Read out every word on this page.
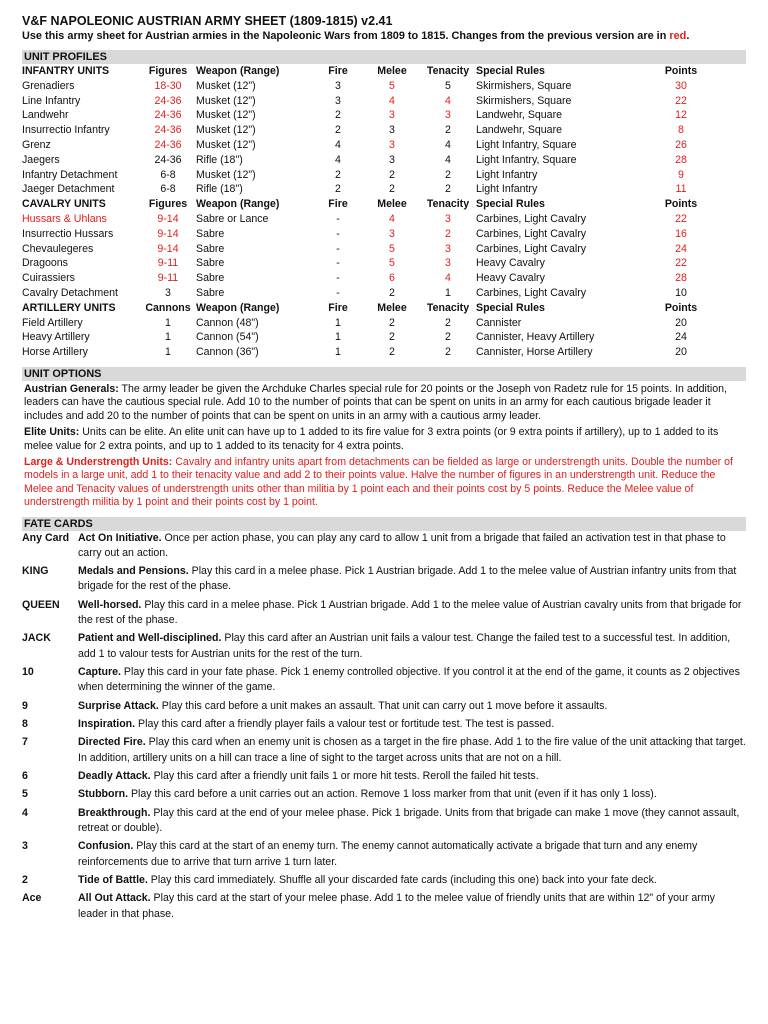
V&F NAPOLEONIC AUSTRIAN ARMY SHEET (1809-1815) v2.41
Use this army sheet for Austrian armies in the Napoleonic Wars from 1809 to 1815. Changes from the previous version are in red.
UNIT PROFILES
INFANTRY UNITS	Figures	Weapon (Range)	Fire	Melee	Tenacity	Special Rules	Points
Grenadiers	18-30	Musket (12")	3	5	5	Skirmishers, Square	30
Line Infantry	24-36	Musket (12")	3	4	4	Skirmishers, Square	22
Landwehr	24-36	Musket (12")	2	3	3	Landwehr, Square	12
Insurrectio Infantry	24-36	Musket (12")	2	3	2	Landwehr, Square	8
Grenz	24-36	Musket (12")	4	3	4	Light Infantry, Square	26
Jaegers	24-36	Rifle (18")	4	3	4	Light Infantry, Square	28
Infantry Detachment	6-8	Musket (12")	2	2	2	Light Infantry	9
Jaeger Detachment	6-8	Rifle (18")	2	2	2	Light Infantry	11
CAVALRY UNITS	Figures	Weapon (Range)	Fire	Melee	Tenacity	Special Rules	Points
Hussars & Uhlans	9-14	Sabre or Lance	-	4	3	Carbines, Light Cavalry	22
Insurrectio Hussars	9-14	Sabre	-	3	2	Carbines, Light Cavalry	16
Chevaulegeres	9-14	Sabre	-	5	3	Carbines, Light Cavalry	24
Dragoons	9-11	Sabre	-	5	3	Heavy Cavalry	22
Cuirassiers	9-11	Sabre	-	6	4	Heavy Cavalry	28
Cavalry Detachment	3	Sabre	-	2	1	Carbines, Light Cavalry	10
ARTILLERY UNITS	Cannons	Weapon (Range)	Fire	Melee	Tenacity	Special Rules	Points
Field Artillery	1	Cannon (48")	1	2	2	Cannister	20
Heavy Artillery	1	Cannon (54")	1	2	2	Cannister, Heavy Artillery	24
Horse Artillery	1	Cannon (36")	1	2	2	Cannister, Horse Artillery	20
UNIT OPTIONS
Austrian Generals: The army leader be given the Archduke Charles special rule for 20 points or the Joseph von Radetz rule for 15 points. In addition, leaders can have the cautious special rule. Add 10 to the number of points that can be spent on units in an army for each cautious brigade leader it includes and add 20 to the number of points that can be spent on units in an army with a cautious army leader.
Elite Units: Units can be elite. An elite unit can have up to 1 added to its fire value for 3 extra points (or 9 extra points if artillery), up to 1 added to its melee value for 2 extra points, and up to 1 added to its tenacity for 4 extra points.
Large & Understrength Units: Cavalry and infantry units apart from detachments can be fielded as large or understrength units. Double the number of models in a large unit, add 1 to their tenacity value and add 2 to their points value. Halve the number of figures in an understrength unit. Reduce the Melee and Tenacity values of understrength units other than militia by 1 point each and their points cost by 5 points. Reduce the Melee value of understrength militia by 1 point and their points cost by 1 point.
FATE CARDS
Any Card	Act On Initiative. Once per action phase, you can play any card to allow 1 unit from a brigade that failed an activation test in that phase to carry out an action.
KING	Medals and Pensions. Play this card in a melee phase. Pick 1 Austrian brigade. Add 1 to the melee value of Austrian infantry units from that brigade for the rest of the phase.
QUEEN	Well-horsed. Play this card in a melee phase. Pick 1 Austrian brigade. Add 1 to the melee value of Austrian cavalry units from that brigade for the rest of the phase.
JACK	Patient and Well-disciplined. Play this card after an Austrian unit fails a valour test. Change the failed test to a successful test. In addition, add 1 to valour tests for Austrian units for the rest of the turn.
10	Capture. Play this card in your fate phase. Pick 1 enemy controlled objective. If you control it at the end of the game, it counts as 2 objectives when determining the winner of the game.
9	Surprise Attack. Play this card before a unit makes an assault. That unit can carry out 1 move before it assaults.
8	Inspiration. Play this card after a friendly player fails a valour test or fortitude test. The test is passed.
7	Directed Fire. Play this card when an enemy unit is chosen as a target in the fire phase. Add 1 to the fire value of the unit attacking that target. In addition, artillery units on a hill can trace a line of sight to the target across units that are not on a hill.
6	Deadly Attack. Play this card after a friendly unit fails 1 or more hit tests. Reroll the failed hit tests.
5	Stubborn. Play this card before a unit carries out an action. Remove 1 loss marker from that unit (even if it has only 1 loss).
4	Breakthrough. Play this card at the end of your melee phase. Pick 1 brigade. Units from that brigade can make 1 move (they cannot assault, retreat or double).
3	Confusion. Play this card at the start of an enemy turn. The enemy cannot automatically activate a brigade that turn and any enemy reinforcements due to arrive that turn arrive 1 turn later.
2	Tide of Battle. Play this card immediately. Shuffle all your discarded fate cards (including this one) back into your fate deck.
Ace	All Out Attack. Play this card at the start of your melee phase. Add 1 to the melee value of friendly units that are within 12" of your army leader in that phase.
